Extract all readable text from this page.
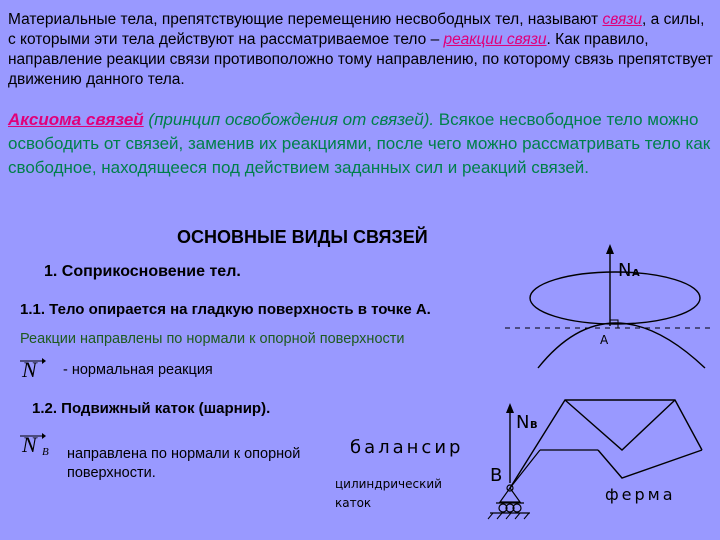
Материальные тела, препятствующие перемещению несвободных тел, называют связи, а силы, с которыми эти тела действуют на рассматриваемое тело – реакции связи. Как правило, направление реакции связи противоположно тому направлению, по которому связь препятствует движению данного тела.
Аксиома связей (принцип освобождения от связей). Всякое несвободное тело можно освободить от связей, заменив их реакциями, после чего можно рассматривать тело как свободное, находящееся под действием заданных сил и реакций связей.
ОСНОВНЫЕ ВИДЫ СВЯЗЕЙ
1. Соприкосновение тел.
1.1. Тело опирается на гладкую поверхность в точке А.
Реакции направлены по нормали к опорной поверхности
N - нормальная реакция
1.2. Подвижный каток (шарнир).
N B направлена по нормали к опорной поверхности.
N A
A
N B
B
балансир
цилиндрический
каток	ферма
